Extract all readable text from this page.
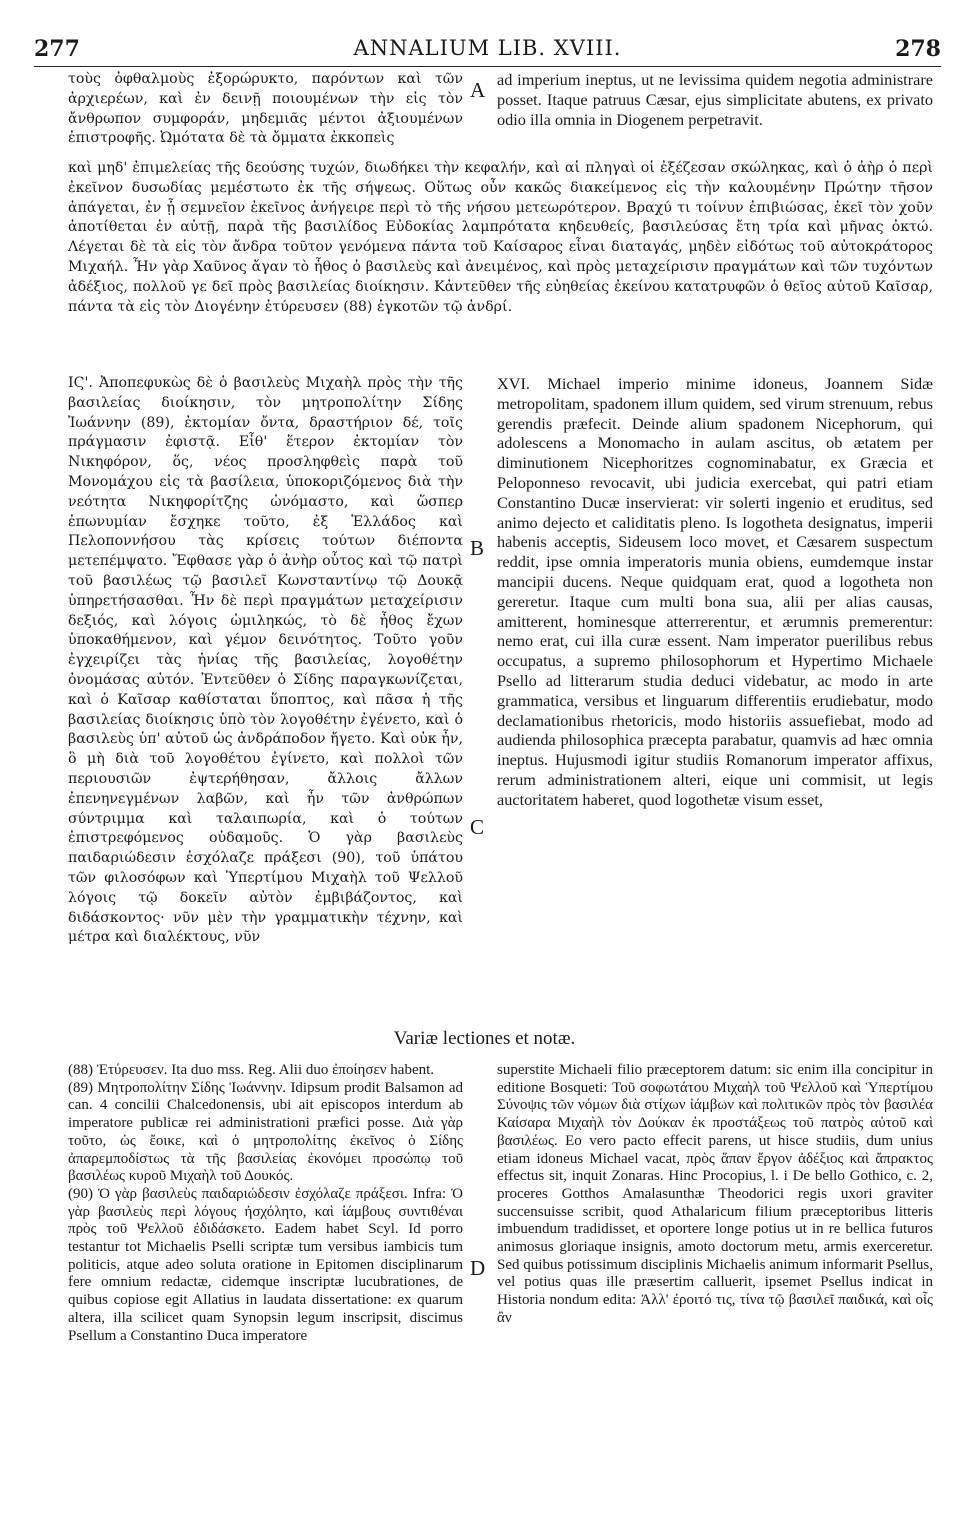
277	ANNALIUM LIB. XVIII.	278

τοὺς ὀφθαλμοὺς ἐξορώρυκτο, παρόντων καὶ τῶν ἀρχιερέων, καὶ ἐν δεινῇ ποιουμένων τὴν εἰς τὸν ἄνθρωπον συμφοράν, μηδεμιᾶς μέντοι ἀξιουμένων ἐπιστροφῆς. Ὠμότατα δὲ τὰ ὄμματα ἐκκοπεὶς

A ad imperium ineptus, ut ne levissima quidem negotia administrare posset. Itaque patruus Cæsar, ejus simplicitate abutens, ex privato odio illa omnia in Diogenem perpetravit.

καὶ μηδ' ἐπιμελείας τῆς δεούσης τυχών, διωδήκει τὴν κεφαλήν, καὶ αἱ πληγαὶ οἱ ἐξέζεσαν σκώληκας, καὶ ὁ ἀὴρ ὁ περὶ ἐκεῖνον δυσωδίας μεμέστωτο ἐκ τῆς σήψεως. Οὕτως οὖν κακῶς διακείμενος εἰς τὴν καλουμένην Πρώτην τῆσον ἀπάγεται, ἐν ᾗ σεμνεῖον ἐκεῖνος ἀνήγειρε περὶ τὸ τῆς νήσου μετεωρότερον. Βραχύ τι τοίνυν ἐπιβιώσας, ἐκεῖ τὸν χοῦν ἀποτίθεται ἐν αὐτῇ, παρὰ τῆς βασιλίδος Εὐδοκίας λαμπρότατα κηδευθείς, βασιλεύσας ἔτη τρία καὶ μῆνας ὀκτώ. Λέγεται δὲ τὰ εἰς τὸν ἄνδρα τοῦτον γενόμενα πάντα τοῦ Καίσαρος εἶναι διαταγάς, μηδὲν εἰδότως τοῦ αὐτοκράτορος Μιχαήλ. Ἦν γὰρ Χαῦνος ἄγαν τὸ ἦθος ὁ βασιλεὺς καὶ ἀνειμένος, καὶ πρὸς μεταχείρισιν πραγμάτων καὶ τῶν τυχόντων ἀδέξιος, πολλοῦ γε δεῖ πρὸς βασιλείας διοίκησιν. Κἀντεῦθεν τῆς εὐηθείας ἐκείνου κατατρυφῶν ὁ θεῖος αὐτοῦ Καῖσαρ, πάντα τὰ εἰς τὸν Διογένην ἐτύρευσεν (88) ἐγκοτῶν τῷ ἀνδρί.

ΙϚ'. Ἀποπεφυκὼς δὲ ὁ βασιλεὺς Μιχαὴλ πρὸς τὴν τῆς βασιλείας διοίκησιν, τὸν μητροπολίτην Σίδης Ἰωάννην (89), ἐκτομίαν ὄντα, δραστήριον δέ, τοῖς πράγμασιν ἐφιστᾷ. Εἶθ' ἕτερον ἐκτομίαν τὸν Νικηφόρον, ὅς, νέος προσληφθεὶς παρὰ τοῦ Μονομάχου εἰς τὰ βασίλεια, ὑποκοριζόμενος διὰ τὴν νεότητα Νικηφορίτζης ὠνόμαστο, καὶ ὥσπερ ἐπωνυμίαν ἔσχηκε τοῦτο, ἐξ Ἑλλάδος καὶ Πελοποννήσου τὰς κρίσεις τούτων διέποντα μετεπέμψατο. Ἔφθασε γὰρ ὁ ἀνὴρ οὗτος καὶ τῷ πατρὶ τοῦ βασιλέως τῷ βασιλεῖ Κωνσταντίνῳ τῷ Δουκᾷ ὑπηρετήσασθαι. Ἦν δὲ περὶ πραγμάτων μεταχείρισιν δεξιός, καὶ λόγοις ὡμιληκώς, τὸ δὲ ἦθος ἔχων ὑποκαθήμενον, καὶ γέμον δεινότητος. Τοῦτο γοῦν ἐγχειρίζει τὰς ἡνίας τῆς βασιλείας, λογοθέτην ὀνομάσας αὐτόν. Ἐντεῦθεν ὁ Σίδης παραγκωνίζεται, καὶ ὁ Καῖσαρ καθίσταται ὕποπτος, καὶ πᾶσα ἡ τῆς βασιλείας διοίκησις ὑπὸ τὸν λογοθέτην ἐγένετο, καὶ ὁ βασιλεὺς ὑπ' αὐτοῦ ὡς ἀνδράποδον ἤγετο. Καὶ οὐκ ἦν, ὃ μὴ διὰ τοῦ λογοθέτου ἐγίνετο, καὶ πολλοὶ τῶν περιουσιῶν ἐψτερήθησαν, ἄλλοις ἄλλων ἐπενηνεγμένων λαβῶν, καὶ ἦν τῶν ἀνθρώπων σύντριμμα καὶ ταλαιπωρία, καὶ ὁ τούτων ἐπιστρεφόμενος οὐδαμοῦς. Ὁ γὰρ βασιλεὺς παιδαριώδεσιν ἐσχόλαζε πράξεσι (90), τοῦ ὑπάτου τῶν φιλοσόφων καὶ Ὑπερτίμου Μιχαὴλ τοῦ Ψελλοῦ λόγοις τῷ δοκεῖν αὐτὸν ἐμβιβάζοντος, καὶ διδάσκοντος· νῦν μὲν τὴν γραμματικὴν τέχνην, καὶ μέτρα καὶ διαλέκτους, νῦν

B
C

XVI. Michael imperio minime idoneus, Joannem Sidæ metropolitam, spadonem illum quidem, sed virum strenuum, rebus gerendis præfecit. Deinde alium spadonem Nicephorum, qui adolescens a Monomacho in aulam ascitus, ob ætatem per diminutionem Nicephoritzes cognominabatur, ex Græcia et Peloponneso revocavit, ubi judicia exercebat, qui patri etiam Constantino Ducæ inservierat: vir solerti ingenio et eruditus, sed animo dejecto et caliditatis pleno. Is logotheta designatus, imperii habenis acceptis, Sideusem loco movet, et Cæsarem suspectum reddit, ipse omnia imperatoris munia obiens, eumdemque instar mancipii ducens. Neque quidquam erat, quod a logotheta non gereretur. Itaque cum multi bona sua, alii per alias causas, amitterent, hominesque atterrerentur, et ærumnis premerentur: nemo erat, cui illa curæ essent. Nam imperator puerilibus rebus occupatus, a supremo philosophorum et Hypertimo Michaele Psello ad litterarum studia deduci videbatur, ac modo in arte grammatica, versibus et linguarum differentiis erudiebatur, modo declamationibus rhetoricis, modo historiis assuefiebat, modo ad audienda philosophica præcepta parabatur, quamvis ad hæc omnia ineptus. Hujusmodi igitur studiis Romanorum imperator affixus, rerum administrationem alteri, eique uni commisit, ut legis auctoritatem haberet, quod logothetæ visum esset,

Variæ lectiones et notæ.

(88) Ἐτύρευσεν. Ita duo mss. Reg. Alii duo ἐποίησεν habent.

(89) Μητροπολίτην Σίδης Ἰωάννην. Idipsum prodit Balsamon ad can. 4 concilii Chalcedonensis, ubi ait episcopos interdum ab imperatore publicæ rei administrationi præfici posse. Διὰ γὰρ τοῦτο, ὡς ἔοικε, καὶ ὁ μητροπολίτης ἐκεῖνος ὁ Σίδης ἀπαρεμποδίστως τὰ τῆς βασιλείας ἐκονόμει προσώπῳ τοῦ βασιλέως κυροῦ Μιχαὴλ τοῦ Δουκός.

(90) Ὁ γὰρ βασιλεὺς παιδαριώδεσιν ἐσχόλαζε πράξεσι. Infra: Ὁ γὰρ βασιλεὺς περὶ λόγους ἠσχόλητο, καὶ ἰάμβους συντιθέναι πρὸς τοῦ Ψελλοῦ ἐδιδάσκετο. Eadem habet Scyl. Id porro testantur tot Michaelis Pselli scriptæ tum versibus iambicis tum politicis, atque adeo soluta oratione in Epitomen disciplinarum fere omnium redactæ, cidemque inscriptæ lucubrationes, de quibus copiose egit Allatius in laudata dissertatione: ex quarum altera, illa scilicet quam Synopsin legum inscripsit, discimus Psellum a Constantino Duca imperatore

D

superstite Michaeli filio præceptorem datum: sic enim illa concipitur in editione Bosqueti: Τοῦ σοφωτάτου Μιχαὴλ τοῦ Ψελλοῦ καὶ Ὑπερτίμου Σύνοψις τῶν νόμων διὰ στίχων ἰάμβων καὶ πολιτικῶν πρὸς τὸν βασιλέα Καίσαρα Μιχαὴλ τὸν Δούκαν ἐκ προστάξεως τοῦ πατρὸς αὐτοῦ καὶ βασιλέως. Eo vero pacto effecit parens, ut hisce studiis, dum unius etiam idoneus Michael vacat, πρὸς ἅπαν ἔργον ἀδέξιος καὶ ἄπρακτος effectus sit, inquit Zonaras. Hinc Procopius, l. i De bello Gothico, c. 2, proceres Gotthos Amalasunthæ Theodorici regis uxori graviter succensuisse scribit, quod Athalaricum filium præceptoribus litteris imbuendum tradidisset, et oportere longe potius ut in re bellica futuros animosus gloriaque insignis, amoto doctorum metu, armis exerceretur. Sed quibus potissimum disciplinis Michaelis animum informarit Psellus, vel potius quas ille præsertim calluerit, ipsemet Psellus indicat in Historia nondum edita: Ἀλλ' ἐροιτό τις, τίνα τῷ βασιλεῖ παιδικά, καὶ οἷς ἂν
